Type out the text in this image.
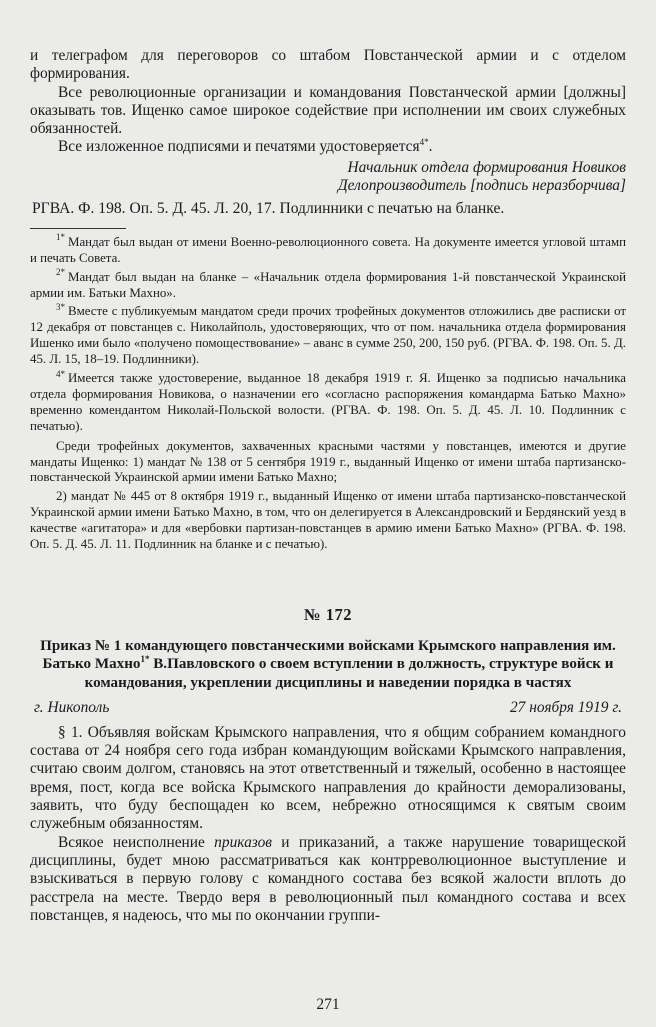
и телеграфом для переговоров со штабом Повстанческой армии и с отделом формирования.

Все революционные организации и командования Повстанческой армии [должны] оказывать тов. Ищенко самое широкое содействие при исполнении им своих служебных обязанностей.

Все изложенное подписями и печатями удостоверяется$^{4*}$.

Начальник отдела формирования Новиков

Делопроизводитель [подпись неразборчива]

РГВА. Ф. 198. Оп. 5. Д. 45. Л. 20, 17. Подлинники с печатью на бланке.

$^{1*}$ Мандат был выдан от имени Военно-революционного совета. На документе имеется угловой штамп и печать Совета.

$^{2*}$ Мандат был выдан на бланке – «Начальник отдела формирования 1-й повстанческой Украинской армии им. Батьки Махно».

$^{3*}$ Вместе с публикуемым мандатом среди прочих трофейных документов отложились две расписки от 12 декабря от повстанцев с. Николайполь, удостоверяющих, что от пом. начальника отдела формирования Ишенко ими было «получено помоществование» – аванс в сумме 250, 200, 150 руб. (РГВА. Ф. 198. Оп. 5. Д. 45. Л. 15, 18–19. Подлинники).

$^{4*}$ Имеется также удостоверение, выданное 18 декабря 1919 г. Я. Ищенко за подписью начальника отдела формирования Новикова, о назначении его «согласно распоряжения командарма Батько Махно» временно комендантом Николай-Польской волости. (РГВА. Ф. 198. Оп. 5. Д. 45. Л. 10. Подлинник с печатью).

Среди трофейных документов, захваченных красными частями у повстанцев, имеются и другие мандаты Ищенко: 1) мандат № 138 от 5 сентября 1919 г., выданный Ищенко от имени штаба партизанско-повстанческой Украинской армии имени Батько Махно;

2) мандат № 445 от 8 октября 1919 г., выданный Ищенко от имени штаба партизанско-повстанческой Украинской армии имени Батько Махно, в том, что он делегируется в Александровский и Бердянский уезд в качестве «агитатора» и для «вербовки партизан-повстанцев в армию имени Батько Махно» (РГВА. Ф. 198. Оп. 5. Д. 45. Л. 11. Подлинник на бланке и с печатью).

№ 172

Приказ № 1 командующего повстанческими войсками Крымского направления им. Батько Махно$^{1*}$ В.Павловского о своем вступлении в должность, структуре войск и командования, укреплении дисциплины и наведении порядка в частях

г. Никополь	27 ноября 1919 г.

§ 1. Объявляя войскам Крымского направления, что я общим собранием командного состава от 24 ноября сего года избран командующим войсками Крымского направления, считаю своим долгом, становясь на этот ответственный и тяжелый, особенно в настоящее время, пост, когда все войска Крымского направления до крайности деморализованы, заявить, что буду беспощаден ко всем, небрежно относящимся к святым своим служебным обязанностям.

Всякое неисполнение приказов и приказаний, а также нарушение товарищеской дисциплины, будет мною рассматриваться как контрреволюционное выступление и взыскиваться в первую голову с командного состава без всякой жалости вплоть до расстрела на месте. Твердо веря в революционный пыл командного состава и всех повстанцев, я надеюсь, что мы по окончании группи-

271
